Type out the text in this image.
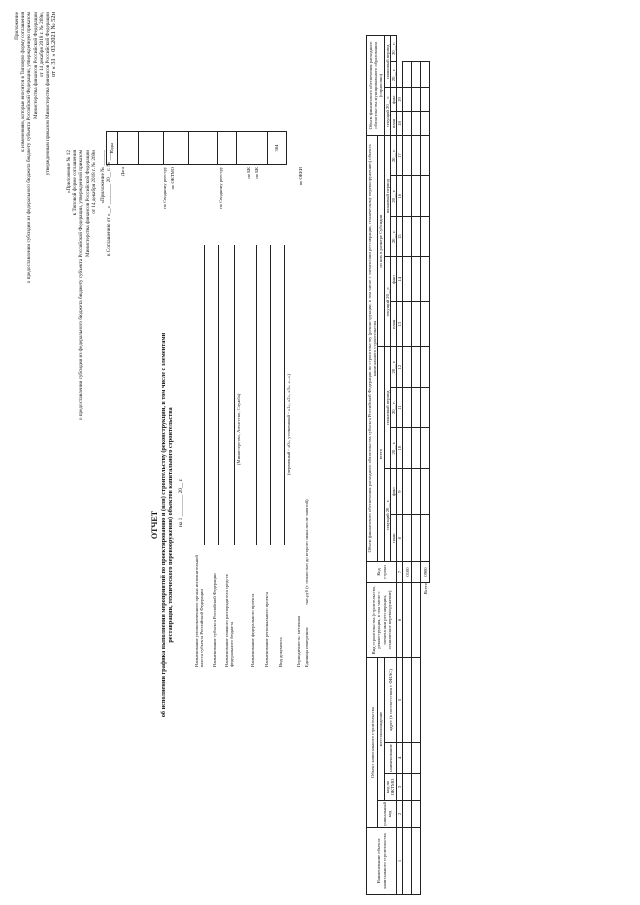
Приложение к изменениям, которые вносятся в Типовую форму соглашения о предоставлении субсидии из федерального бюджета бюджету субъекта Российской Федерации, утвержденную приказом Министерства финансов Российской Федерации от 14 декабря 2018 г. № 269н, утвержденным приказом Министерства финансов Российской Федерации от « 31 » 03.2021 № 52н
«Приложение № 12 к Типовой форме соглашения о предоставлении субсидии из федерального бюджета бюджету субъекта Российской Федерации, утвержденной приказом Министерства финансов Российской Федерации от 14 декабря 2018 г. № 269н «Приложение № ______ к Соглашению от «__» ________ 20__ г. № ____
ОТЧЕТ об исполнении графика выполнения мероприятий по проектированию и (или) строительству (реконструкции, в том числе с элементами реставрации, технического перевооружения) объектов капитального строительства на 1 ________ 20__ г.
Наименование уполномоченного органа исполнительной власти субъекта Российской Федерации Наименование субъекта Российской Федерации Наименование главного распорядителя средств федерального бюджета
(Министерство, Агентство, Служба)
Наименование федерального проекта Наименование регионального проекта Вид документа
(первичный - «0», уточненный - «1», «2», «3», «...»)
Периодичность: месячная Единица измерения:
тыс.руб (с точностью до второго знака после запятой)
Дата	по Сводному реестру по ОКТМО	по Сводному реестру	по БК по БК	по ОКЕИ
Коды

384
Наименование объекта капитального строительства	Объект капитального строительства				Вид строительства (строительство, реконструкция, в том числе с элементами реставрации, техническое перевооружение)	Код строки	Объем финансового обеспечения расходного обязательства субъекта Российской Федерации по строительству (реконструкции, в том числе с элементами реставрации, техническому перевооружению) объекта капитального строительства										Объем финансового обеспечения расходного обязательства муниципального образования (справочно)			
	уникальный код	местонахождение					всего					из них в размере Субсидии								
		код по ОКТМО	наименование	адрес (в соответствии с ФИАС)			текущий 20__ г.		плановый период			текущий 20__г.		плановый период			текущий 20__ г.		плановый период	
							план	факт	20__ г.	20__ г.	20__ г.	план	факт	20__ г.	20__ г.	20__ г.	план	факт	20__ г.	20__ г.
1	2	3	4	5	6	7	8	9	10	11	12	13	14	15	16	17	18	19		
						0100														

Всего						0900														
